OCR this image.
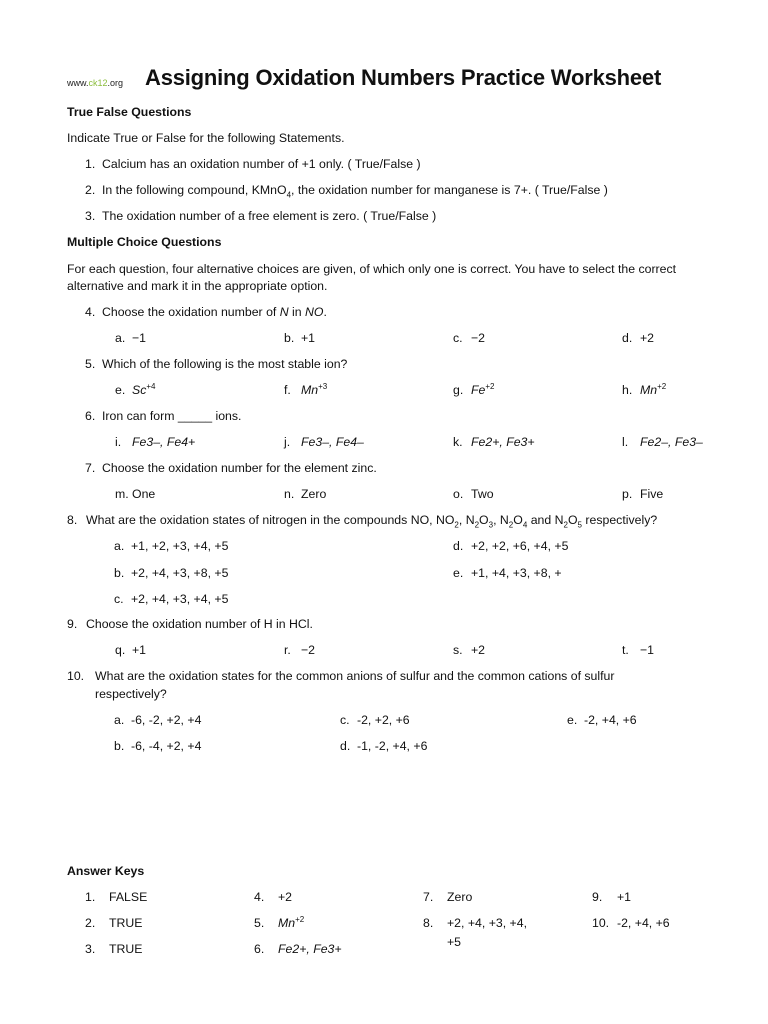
www.ck12.org Assigning Oxidation Numbers Practice Worksheet
True False Questions
Indicate True or False for the following Statements.
1. Calcium has an oxidation number of +1 only. ( True/False )
2. In the following compound, KMnO$_4$, the oxidation number for manganese is 7+. ( True/False )
3. The oxidation number of a free element is zero. ( True/False )
Multiple Choice Questions
For each question, four alternative choices are given, of which only one is correct. You have to select the correct
alternative and mark it in the appropriate option.
4. Choose the oxidation number of N in NO.
a. −1	b. +1	c. −2	d. +2
5. Which of the following is the most stable ion?
e. $Sc^{+4}$	f. $Mn^{+3}$	g. $Fe^{+2}$	h. $Mn^{+2}$
6. Iron can form _____ ions.
i. Fe3–, Fe4+	j. Fe3–, Fe4–	k. Fe2+, Fe3+	l. Fe2–, Fe3–
7. Choose the oxidation number for the element zinc.
m. One	n. Zero	o. Two	p. Five
8. What are the oxidation states of nitrogen in the compounds NO, $NO_2$, $N_2O_3$, $N_2O_4$ and $N_2O_5$ respectively?
a. +1, +2, +3, +4, +5
b. +2, +4, +3, +8, +5
c. +2, +4, +3, +4, +5
d. +2, +2, +6, +4, +5
e. +1, +4, +3, +8, +
9. Choose the oxidation number of H in HCl.
q. +1	r. −2	s. +2	t. −1
10. What are the oxidation states for the common anions of sulfur and the common cations of sulfur
respectively?
a. -6, -2, +2, +4
b. -6, -4, +2, +4
c. -2, +2, +6
d. -1, -2, +4, +6
e. -2, +4, +6
Answer Keys
1. FALSE
2. TRUE
3. TRUE
4. +2
5. $Mn^{+2}$
6. Fe2+, Fe3+
7. Zero
8. +2, +4, +3, +4,
+5
9. +1
10. -2, +4, +6
